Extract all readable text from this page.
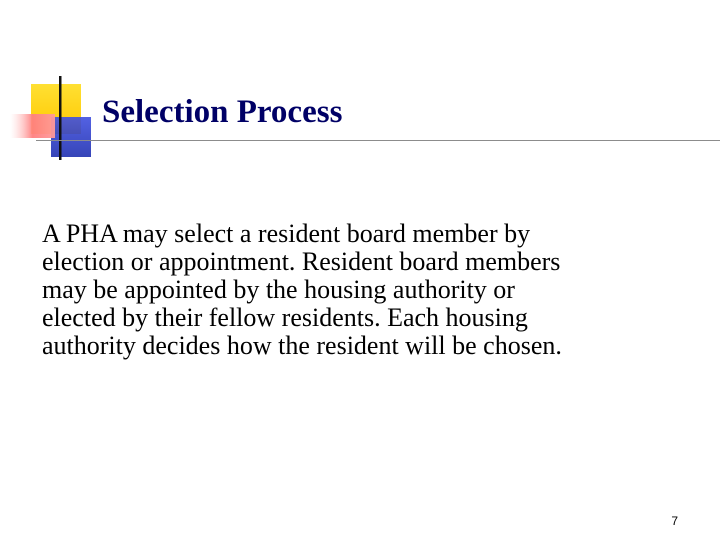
Selection Process

A PHA may select a resident board member by
election or appointment. Resident board members
may be appointed by the housing authority or
elected by their fellow residents. Each housing
authority decides how the resident will be chosen.

7
